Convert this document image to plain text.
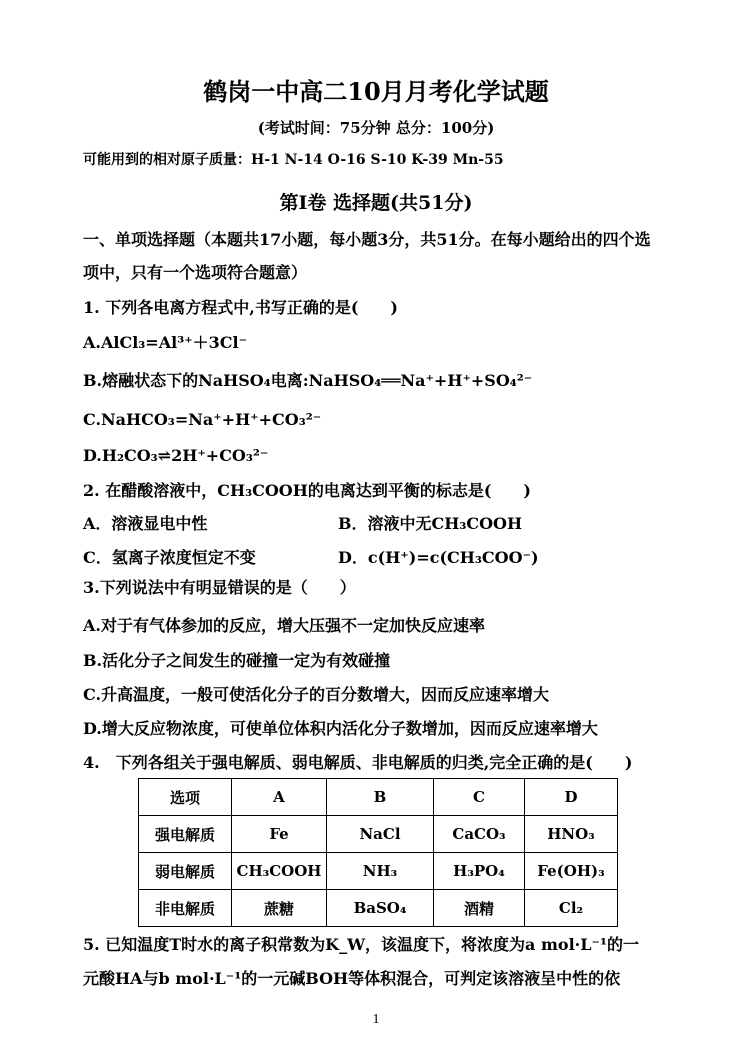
鹤岗一中高二10月月考化学试题
(考试时间：75分钟 总分：100分)
可能用到的相对原子质量：H-1 N-14 O-16 S-10 K-39 Mn-55
第I卷 选择题(共51分)
一、单项选择题（本题共17小题，每小题3分，共51分。在每小题给出的四个选
项中，只有一个选项符合题意）
1. 下列各电离方程式中,书写正确的是(　　)
A.AlCl₃=Al³⁺＋3Cl⁻
B.熔融状态下的NaHSO₄电离:NaHSO₄══Na⁺+H⁺+SO₄²⁻
C.NaHCO₃=Na⁺+H⁺+CO₃²⁻
D.H₂CO₃⇌2H⁺+CO₃²⁻
2. 在醋酸溶液中，CH₃COOH的电离达到平衡的标志是(　　)
A．溶液显电中性	B．溶液中无CH₃COOH
C．氢离子浓度恒定不变	D．c(H⁺)=c(CH₃COO⁻)
3.下列说法中有明显错误的是（　　）
A.对于有气体参加的反应，增大压强不一定加快反应速率
B.活化分子之间发生的碰撞一定为有效碰撞
C.升高温度，一般可使活化分子的百分数增大，因而反应速率增大
D.增大反应物浓度，可使单位体积内活化分子数增加，因而反应速率增大
4.　下列各组关于强电解质、弱电解质、非电解质的归类,完全正确的是(　　)
选项	A	B	C	D
强电解质	Fe	NaCl	CaCO₃	HNO₃
弱电解质	CH₃COOH	NH₃	H₃PO₄	Fe(OH)₃
非电解质	蔗糖	BaSO₄	酒精	Cl₂
5. 已知温度T时水的离子积常数为K_W，该温度下，将浓度为a mol·L⁻¹的一
元酸HA与b mol·L⁻¹的一元碱BOH等体积混合，可判定该溶液呈中性的依
1
